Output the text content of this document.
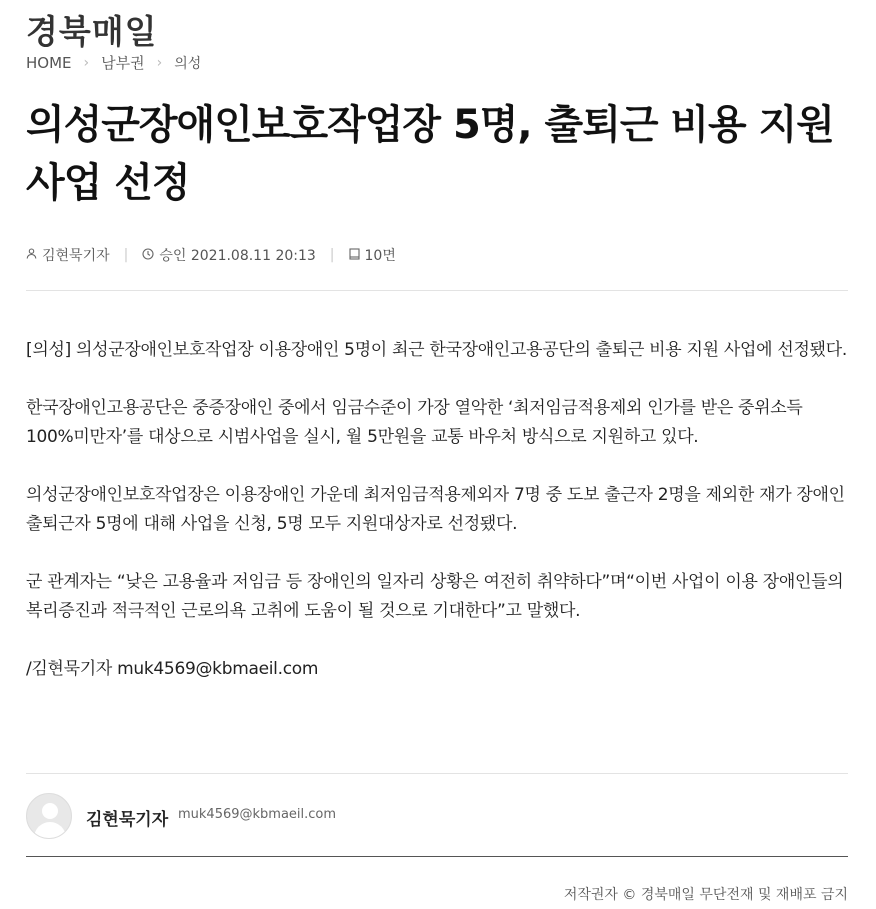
경북매일
HOME › 남부권 › 의성
의성군장애인보호작업장 5명, 출퇴근 비용 지원 사업 선정
김현묵기자 | 승인 2021.08.11 20:13 | 10면

[의성] 의성군장애인보호작업장 이용장애인 5명이 최근 한국장애인고용공단의 출퇴근 비용 지원 사업에 선정됐다.

한국장애인고용공단은 중증장애인 중에서 임금수준이 가장 열악한 ‘최저임금적용제외 인가를 받은 중위소득 100%미만자’를 대상으로 시범사업을 실시, 월 5만원을 교통 바우처 방식으로 지원하고 있다.

의성군장애인보호작업장은 이용장애인 가운데 최저임금적용제외자 7명 중 도보 출근자 2명을 제외한 재가 장애인 출퇴근자 5명에 대해 사업을 신청, 5명 모두 지원대상자로 선정됐다.

군 관계자는 “낮은 고용율과 저임금 등 장애인의 일자리 상황은 여전히 취약하다”며“이번 사업이 이용 장애인들의 복리증진과 적극적인 근로의욕 고취에 도움이 될 것으로 기대한다”고 말했다.

/김현묵기자 muk4569@kbmaeil.com

김현묵기자 muk4569@kbmaeil.com
저작권자 © 경북매일 무단전재 및 재배포 금지
